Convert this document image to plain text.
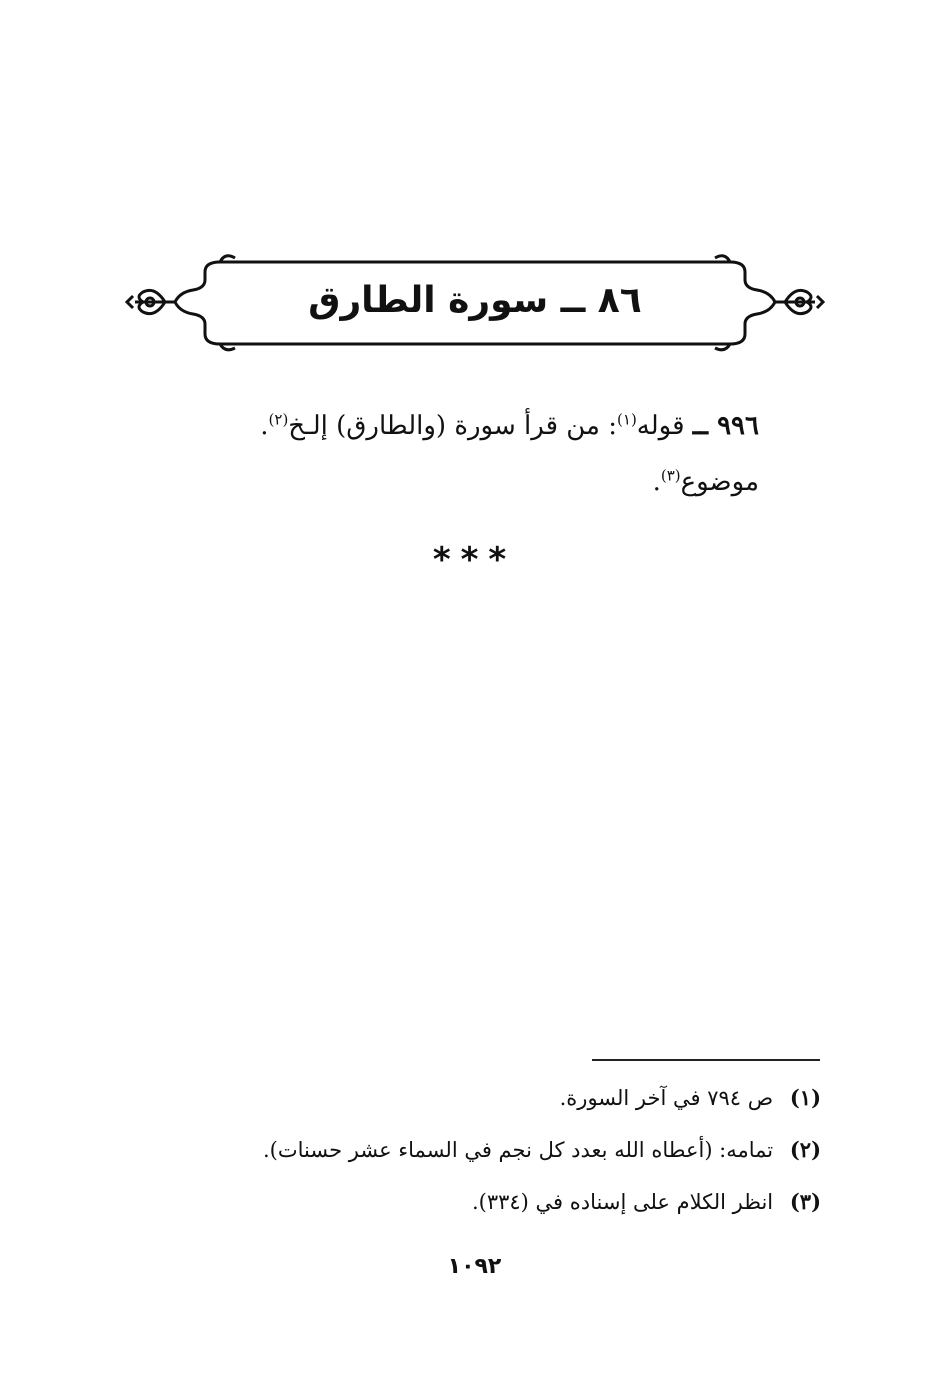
٨٦ ــ سورة الطارق
٩٩٦ ــ قوله$^{(١)}$: من قرأ سورة (والطارق) إلـخ$^{(٢)}$.
موضوع$^{(٣)}$.
***
(١) ص ٧٩٤ في آخر السورة.
(٢) تمامه: (أعطاه الله بعدد كل نجم في السماء عشر حسنات).
(٣) انظر الكلام على إسناده في (٣٣٤).
١٠٩٢
